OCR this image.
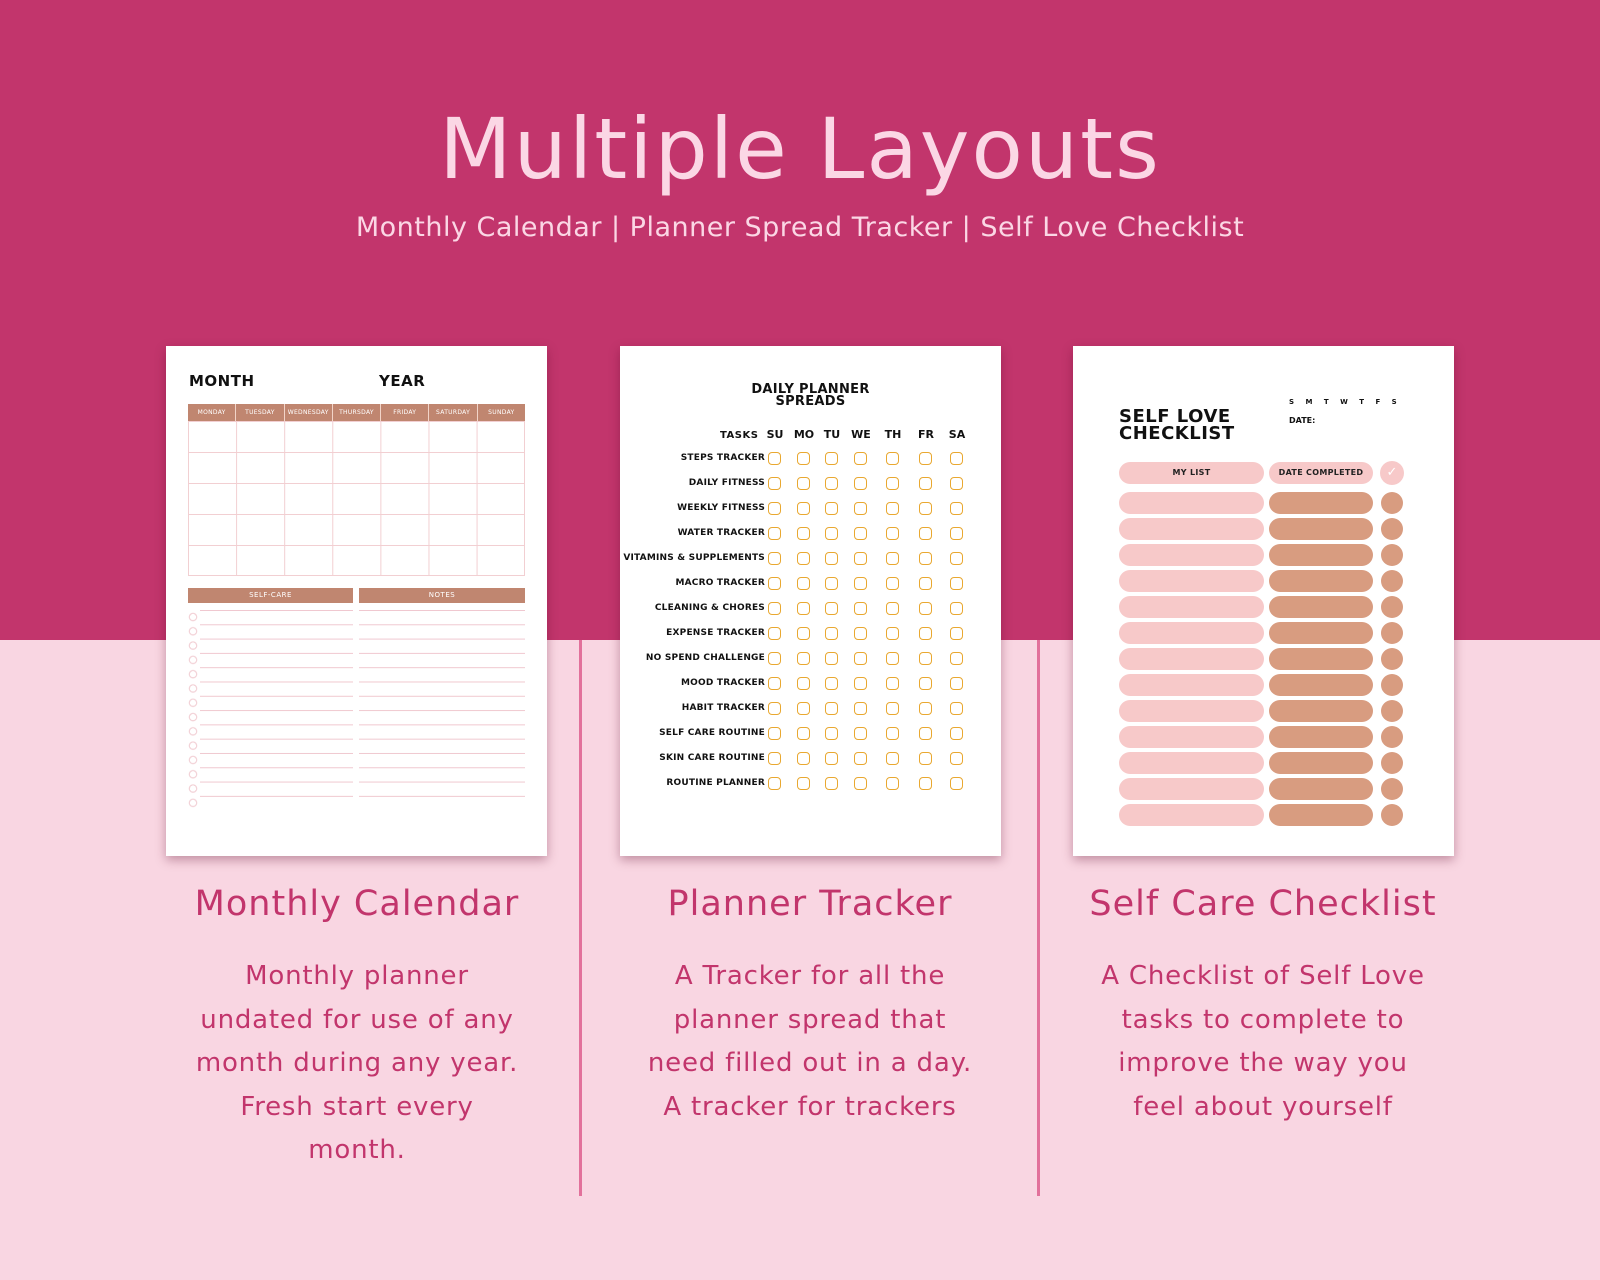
Multiple Layouts
Monthly Calendar | Planner Spread Tracker | Self Love Checklist
MONTH	YEAR
MONDAY	TUESDAY	WEDNESDAY	THURSDAY	FRIDAY	SATURDAY	SUNDAY
SELF-CARE	NOTES
DAILY PLANNER
SPREADS
TASKS SU MO TU WE	TH	FR	SA
STEPS TRACKER
DAILY FITNESS
WEEKLY FITNESS
WATER TRACKER
VITAMINS & SUPPLEMENTS
MACRO TRACKER
CLEANING & CHORES
EXPENSE TRACKER
NO SPEND CHALLENGE
MOOD TRACKER
HABIT TRACKER
SELF CARE ROUTINE
SKIN CARE ROUTINE
ROUTINE PLANNER
SELF LOVE
CHECKLIST
S M T W T F S
DATE:
MY LIST	DATE COMPLETED	✓
Monthly Calendar
Monthly planner undated for use of any month during any year. Fresh start every month.
Planner Tracker
A Tracker for all the planner spread that need filled out in a day. A tracker for trackers
Self Care Checklist
A Checklist of Self Love tasks to complete to improve the way you feel about yourself
